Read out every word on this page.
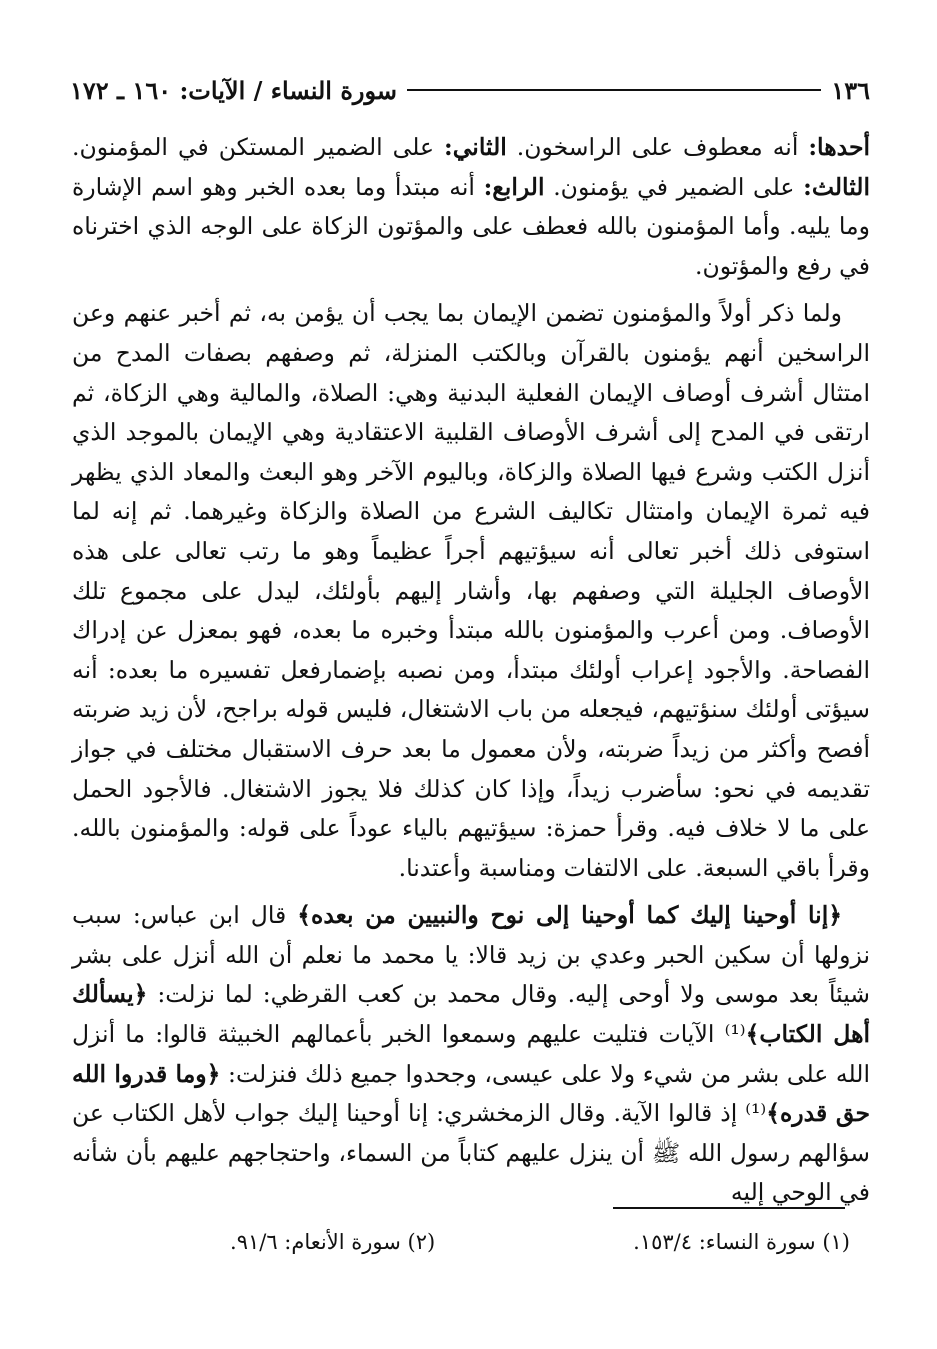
١٣٦
سورة النساء / الآيات: ١٦٠ ـ ١٧٢

أحدها: أنه معطوف على الراسخون. الثاني: على الضمير المستكن في المؤمنون. الثالث: على الضمير في يؤمنون. الرابع: أنه مبتدأ وما بعده الخبر وهو اسم الإشارة وما يليه. وأما المؤمنون بالله فعطف على والمؤتون الزكاة على الوجه الذي اخترناه في رفع والمؤتون.

ولما ذكر أولاً والمؤمنون تضمن الإيمان بما يجب أن يؤمن به، ثم أخبر عنهم وعن الراسخين أنهم يؤمنون بالقرآن وبالكتب المنزلة، ثم وصفهم بصفات المدح من امتثال أشرف أوصاف الإيمان الفعلية البدنية وهي: الصلاة، والمالية وهي الزكاة، ثم ارتقى في المدح إلى أشرف الأوصاف القلبية الاعتقادية وهي الإيمان بالموجد الذي أنزل الكتب وشرع فيها الصلاة والزكاة، وباليوم الآخر وهو البعث والمعاد الذي يظهر فيه ثمرة الإيمان وامتثال تكاليف الشرع من الصلاة والزكاة وغيرهما. ثم إنه لما استوفى ذلك أخبر تعالى أنه سيؤتيهم أجراً عظيماً وهو ما رتب تعالى على هذه الأوصاف الجليلة التي وصفهم بها، وأشار إليهم بأولئك، ليدل على مجموع تلك الأوصاف. ومن أعرب والمؤمنون بالله مبتدأ وخبره ما بعده، فهو بمعزل عن إدراك الفصاحة. والأجود إعراب أولئك مبتدأ، ومن نصبه بإضمارفعل تفسيره ما بعده: أنه سيؤتى أولئك سنؤتيهم، فيجعله من باب الاشتغال، فليس قوله براجح، لأن زيد ضربته أفصح وأكثر من زيداً ضربته، ولأن معمول ما بعد حرف الاستقبال مختلف في جواز تقديمه في نحو: سأضرب زيداً، وإذا كان كذلك فلا يجوز الاشتغال. فالأجود الحمل على ما لا خلاف فيه. وقرأ حمزة: سيؤتيهم بالياء عوداً على قوله: والمؤمنون بالله. وقرأ باقي السبعة. على الالتفات ومناسبة وأعتدنا.

﴿إنا أوحينا إليك كما أوحينا إلى نوح والنبيين من بعده﴾ قال ابن عباس: سبب نزولها أن سكين الحبر وعدي بن زيد قالا: يا محمد ما نعلم أن الله أنزل على بشر شيئاً بعد موسى ولا أوحى إليه. وقال محمد بن كعب القرظي: لما نزلت: ﴿يسألك أهل الكتاب﴾⁽¹⁾ الآيات فتليت عليهم وسمعوا الخبر بأعمالهم الخبيثة قالوا: ما أنزل الله على بشر من شيء ولا على عيسى، وجحدوا جميع ذلك فنزلت: ﴿وما قدروا الله حق قدره﴾⁽¹⁾ إذ قالوا الآية. وقال الزمخشري: إنا أوحينا إليك جواب لأهل الكتاب عن سؤالهم رسول الله ﷺ أن ينزل عليهم كتاباً من السماء، واحتجاجهم عليهم بأن شأنه في الوحي إليه

(١) سورة النساء: ١٥٣/٤.
(٢) سورة الأنعام: ٩١/٦.
